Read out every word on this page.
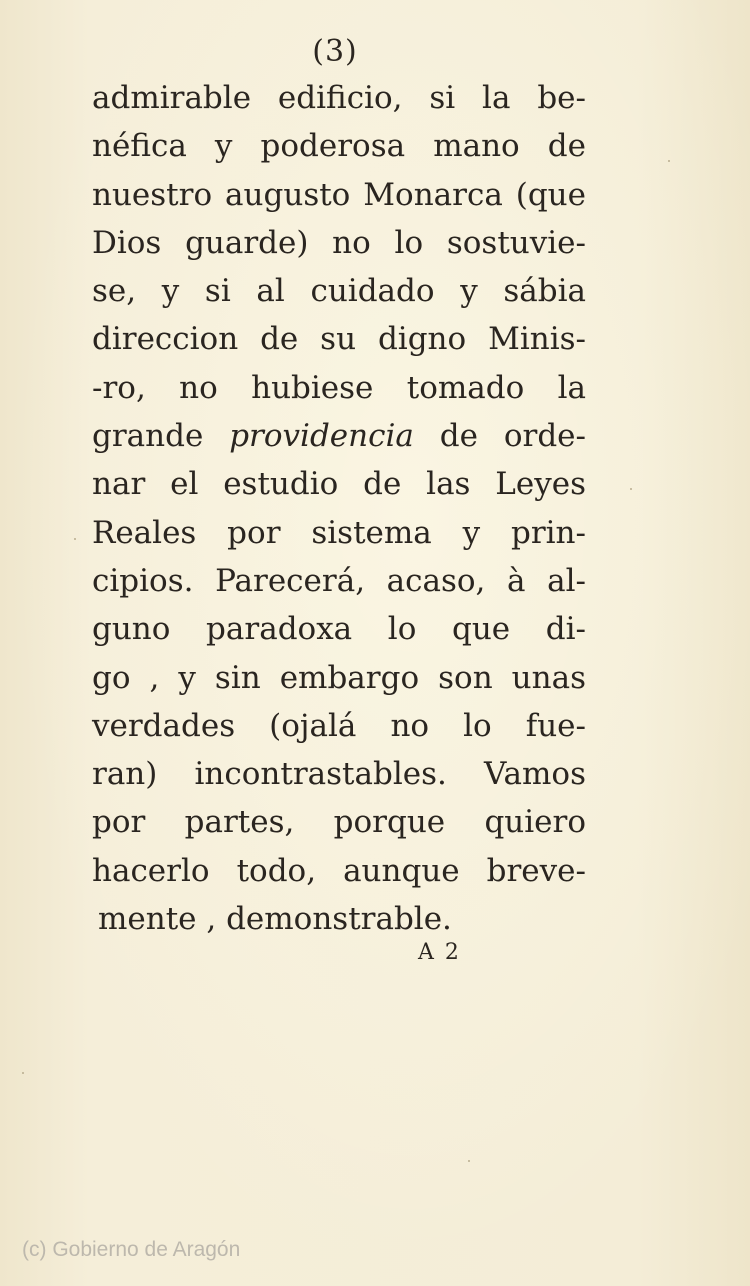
(3)
admirable edificio, si la be-
néfica y poderosa mano de
nuestro augusto Monarca (que
Dios guarde) no lo sostuvie-
se, y si al cuidado y sábia
direccion de su digno Minis-
-ro, no hubiese tomado la
grande providencia de orde-
nar el estudio de las Leyes
Reales por sistema y prin-
cipios. Parecerá, acaso, à al-
guno paradoxa lo que di-
go , y sin embargo son unas
verdades (ojalá no lo fue-
ran) incontrastables. Vamos
por partes, porque quiero
hacerlo todo, aunque breve-
mente , demonstrable.
A 2
(c) Gobierno de Aragón
